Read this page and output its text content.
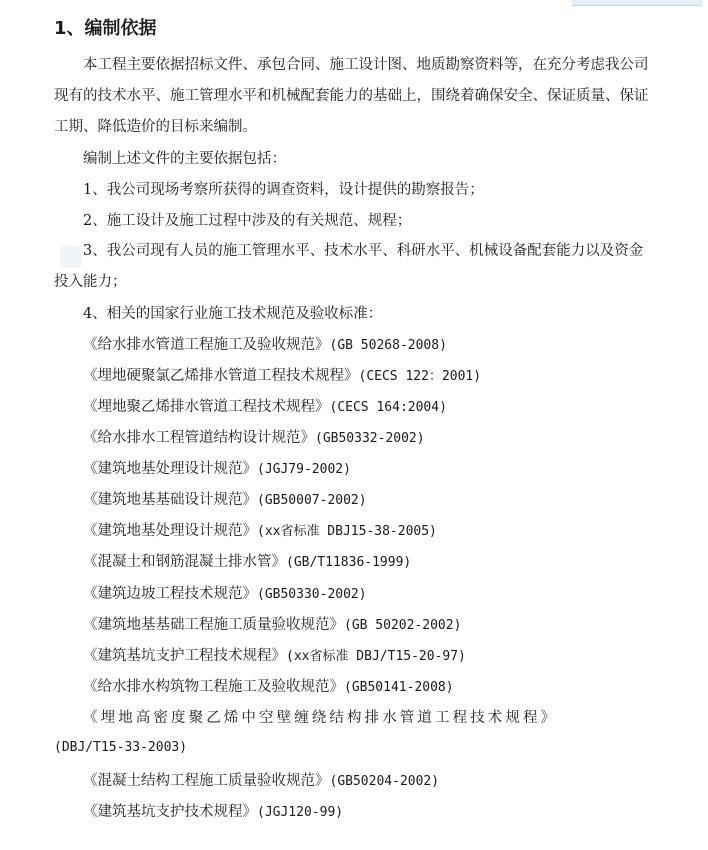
1、编制依据

本工程主要依据招标文件、承包合同、施工设计图、地质勘察资料等，在充分考虑我公司现有的技术水平、施工管理水平和机械配套能力的基础上，围绕着确保安全、保证质量、保证工期、降低造价的目标来编制。

编制上述文件的主要依据包括：
1、我公司现场考察所获得的调查资料，设计提供的勘察报告；
2、施工设计及施工过程中涉及的有关规范、规程；

3、我公司现有人员的施工管理水平、技术水平、科研水平、机械设备配套能力以及资金投入能力；

4、相关的国家行业施工技术规范及验收标准：
《给水排水管道工程施工及验收规范》(GB 50268-2008)
《埋地硬聚氯乙烯排水管道工程技术规程》(CECS 122：2001)
《埋地聚乙烯排水管道工程技术规程》(CECS 164:2004)
《给水排水工程管道结构设计规范》(GB50332-2002)
《建筑地基处理设计规范》(JGJ79-2002)
《建筑地基基础设计规范》(GB50007-2002)
《建筑地基处理设计规范》(xx省标准 DBJ15-38-2005)
《混凝土和钢筋混凝土排水管》(GB/T11836-1999)
《建筑边坡工程技术规范》(GB50330-2002)
《建筑地基基础工程施工质量验收规范》(GB 50202-2002)
《建筑基坑支护工程技术规程》(xx省标准 DBJ/T15-20-97)
《给水排水构筑物工程施工及验收规范》(GB50141-2008)
《埋地高密度聚乙烯中空壁缠绕结构排水管道工程技术规程》
(DBJ/T15-33-2003)
《混凝土结构工程施工质量验收规范》(GB50204-2002)
《建筑基坑支护技术规程》(JGJ120-99)
